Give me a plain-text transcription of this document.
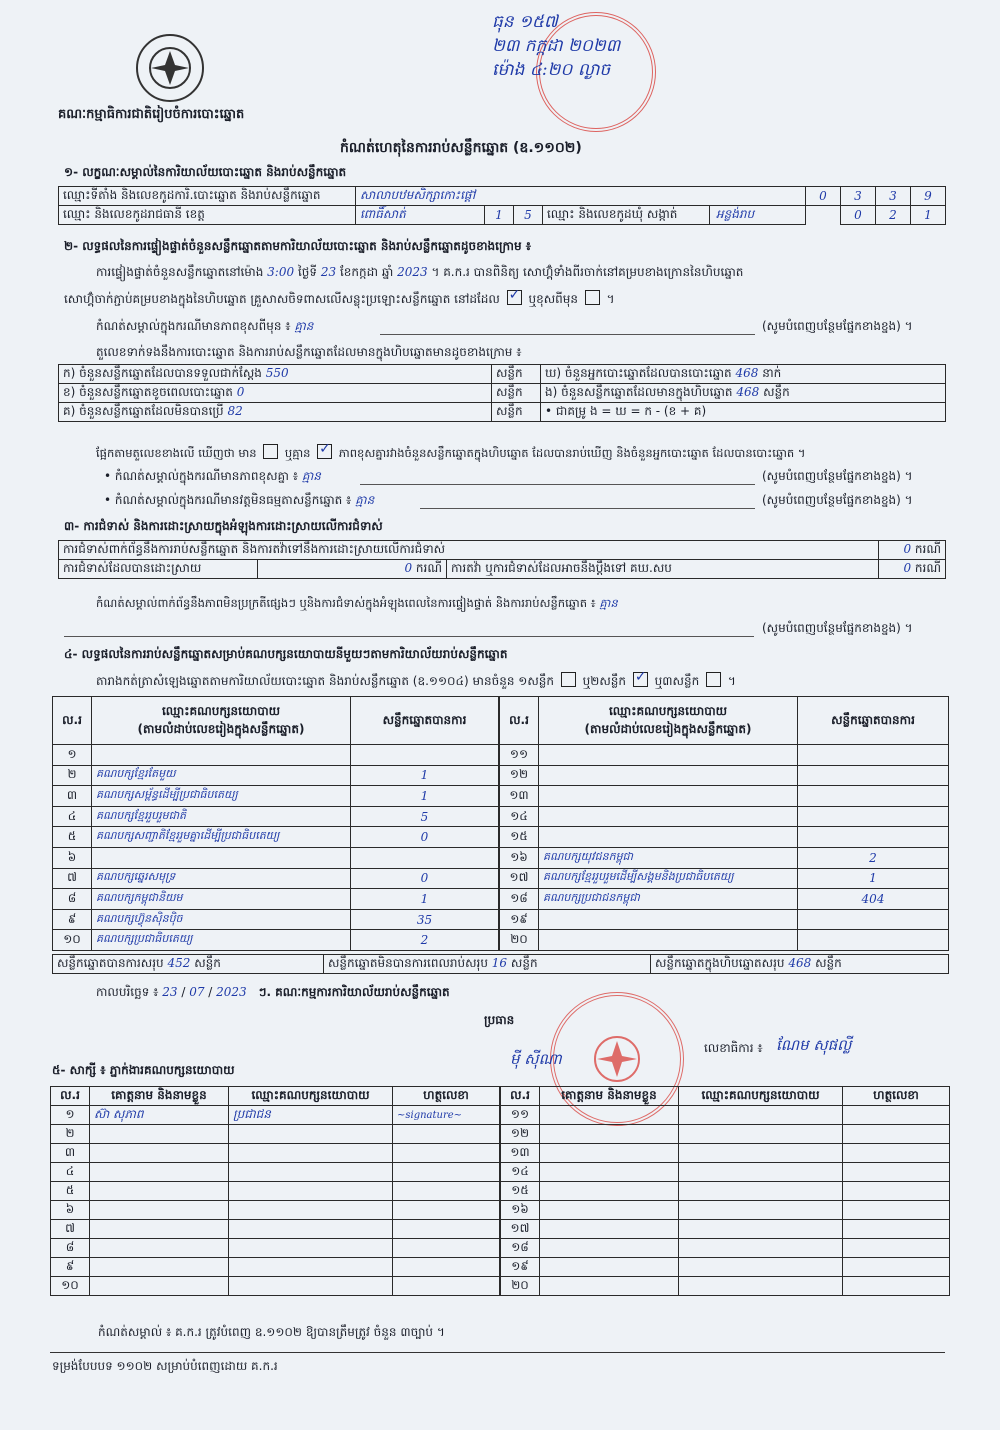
គណៈកម្មាធិការជាតិរៀបចំការបោះឆ្នោត
ធុន ១៥៧
២៣ កក្កដា ២០២៣
ម៉ោង ៤:២០ ល្ងាច
កំណត់ហេតុនៃការរាប់សន្លឹកឆ្នោត (ឧ.១១០២)
១- លក្ខណៈសម្គាល់នៃការិយាល័យបោះឆ្នោត និងរាប់សន្លឹកឆ្នោត
ឈ្មោះទីតាំង និងលេខកូដការិ.បោះឆ្នោត និងរាប់សន្លឹកឆ្នោត	សាលាបឋមសិក្សាកោះផ្ដៅ				0	3	3	9
ឈ្មោះ និងលេខកូដរាជធានី ខេត្ត	ពោធិ៍សាត់	1	5	ឈ្មោះ និងលេខកូដឃុំ សង្កាត់ អន្លង់រាប		0	2	1
២- លទ្ធផលនៃការផ្ទៀងផ្ទាត់ចំនួនសន្លឹកឆ្នោតតាមការិយាល័យបោះឆ្នោត និងរាប់សន្លឹកឆ្នោតដូចខាងក្រោម ៖
ការផ្ទៀងផ្ទាត់ចំនួនសន្លឹកឆ្នោតនៅម៉ោង 3:00 ថ្ងៃទី 23 ខែកក្កដា ឆ្នាំ 2023 ។ គ.ក.រ បានពិនិត្យ សោហ្គ៊ុំទាំងពីរចាក់នៅគម្របខាងក្រោននៃហិបឆ្នោត
សោហ្គ៊ុំចាក់ភ្ជាប់គម្របខាងក្នុងនៃហិបឆ្នោត គ្រួសាសចិទពាសលើសន្លុះប្រឡោះសន្លឹកឆ្នោត នៅដដែល ✓ ឬខុសពីមុន  ។
កំណត់សម្គាល់ក្នុងករណីមានភាពខុសពីមុន ៖ គ្មាន	(សូមបំពេញបន្ថែមផ្នែកខាងខ្នង) ។
តួលេខទាក់ទងនឹងការបោះឆ្នោត និងការរាប់សន្លឹកឆ្នោតដែលមានក្នុងហិបឆ្នោតមានដូចខាងក្រោម ៖
ក) ចំនួនសន្លឹកឆ្នោតដែលបានទទួលជាក់ស្ដែង 550	សន្លឹក	ឃ) ចំនួនអ្នកបោះឆ្នោតដែលបានបោះឆ្នោត 468 នាក់
ខ) ចំនួនសន្លឹកឆ្នោតខូចពេលបោះឆ្នោត 0	សន្លឹក	ង) ចំនួនសន្លឹកឆ្នោតដែលមានក្នុងហិបឆ្នោត 468 សន្លឹក
គ) ចំនួនសន្លឹកឆ្នោតដែលមិនបានប្រើ 82	សន្លឹក	• ជាគម្រូ ង = ឃ = ក - (ខ + គ)
ផ្អែកតាមតួលេខខាងលើ ឃើញថា មាន ឬគ្មាន ✓ ភាពខុសគ្នារវាងចំនួនសន្លឹកឆ្នោតក្នុងហិបឆ្នោត ដែលបានរាប់ឃើញ និងចំនួនអ្នកបោះឆ្នោត ដែលបានបោះឆ្នោត ។
• កំណត់សម្គាល់ក្នុងករណីមានភាពខុសគ្នា ៖ គ្មាន	(សូមបំពេញបន្ថែមផ្នែកខាងខ្នង) ។
• កំណត់សម្គាល់ក្នុងករណីមានវត្តមិនធម្មតាសន្លឹកឆ្នោត ៖ គ្មាន	(សូមបំពេញបន្ថែមផ្នែកខាងខ្នង) ។
៣- ការជំទាស់ និងការដោះស្រាយក្នុងអំឡុងការដោះស្រាយលើការជំទាស់
ការជំទាស់ពាក់ព័ន្ធនឹងការរាប់សន្លឹកឆ្នោត និងការតវ៉ាទៅនឹងការដោះស្រាយលើការជំទាស់			0 ករណី
ការជំទាស់ដែលបានដោះស្រាយ	0 ករណី	ការតវ៉ា ឬការជំទាស់ដែលអាចនឹងប្ដឹងទៅ គឃ.សប	0 ករណី
កំណត់សម្គាល់ពាក់ព័ន្ធនឹងភាពមិនប្រក្រតីផ្សេងៗ ឬនិងការជំទាស់ក្នុងអំឡុងពេលនៃការផ្ទៀងផ្ទាត់ និងការរាប់សន្លឹកឆ្នោត ៖ គ្មាន
(សូមបំពេញបន្ថែមផ្នែកខាងខ្នង) ។
៤- លទ្ធផលនៃការរាប់សន្លឹកឆ្នោតសម្រាប់គណបក្សនយោបាយនីមួយៗតាមការិយាល័យរាប់សន្លឹកឆ្នោត
តារាងកត់ត្រាសំឡេងឆ្នោតតាមការិយាល័យបោះឆ្នោត និងរាប់សន្លឹកឆ្នោត (ឧ.១១០៤) មានចំនួន ១សន្លឹក ឬ២សន្លឹក ✓ ឬ៣សន្លឹក  ។
ល.រ	ឈ្មោះគណបក្សនយោបាយ
(តាមលំដាប់លេខរៀងក្នុងសន្លឹកឆ្នោត)	សន្លឹកឆ្នោតបានការ
១		
២	គណបក្សខ្មែរតែមួយ	1
៣	គណបក្សសម្ព័ន្ធដើម្បីប្រជាធិបតេយ្យ	1
៤	គណបក្សខ្មែររួបរួមជាតិ	5
៥	គណបក្សសញ្ជាតិខ្មែររួមគ្នាដើម្បីប្រជាធិបតេយ្យ	0
៦		
៧	គណបក្សឆ្នេរសមុទ្រ	0
៨	គណបក្សកម្ពុជានិយម	1
៩	គណបក្សហ៊្វុនស៊ិនប៉ិច	35
១០	គណបក្សប្រជាធិបតេយ្យ	2
ល.រ	ឈ្មោះគណបក្សនយោបាយ
(តាមលំដាប់លេខរៀងក្នុងសន្លឹកឆ្នោត)	សន្លឹកឆ្នោតបានការ
១១		
១២		
១៣		
១៤		
១៥		
១៦	គណបក្សយុវជនកម្ពុជា	2
១៧	គណបក្សខ្មែររួបរួមដើម្បីសង្គមនិងប្រជាធិបតេយ្យ	1
១៨	គណបក្សប្រជាជនកម្ពុជា	404
១៩		
២០		
សន្លឹកឆ្នោតបានការសរុប 452 សន្លឹក	សន្លឹកឆ្នោតមិនបានការពេលរាប់សរុប 16 សន្លឹក	សន្លឹកឆ្នោតក្នុងហិបឆ្នោតសរុប 468 សន្លឹក
កាលបរិច្ឆេទ ៖ 23 / 07 / 2023 ៗ. គណៈកម្មការការិយាល័យរាប់សន្លឹកឆ្នោត
ប្រធាន
ម៉ី ស៊ីណា
លេខាធិការ ៖ ណែម សុផល្លី
៥- សាក្សី ៖ ភ្នាក់ងារគណបក្សនយោបាយ
ល.រ	គោត្តនាម និងនាមខ្លួន	ឈ្មោះគណបក្សនយោបាយ	ហត្ថលេខា
១	ស៊ា សុភាព	ប្រជាជន	~signature~
២			
៣			
៤			
៥			
៦			
៧			
៨			
៩			
១០			
ល.រ	គោត្តនាម និងនាមខ្លួន	ឈ្មោះគណបក្សនយោបាយ	ហត្ថលេខា
១១			
១២			
១៣			
១៤			
១៥			
១៦			
១៧			
១៨			
១៩			
២០			
កំណត់សម្គាល់ ៖ គ.ក.រ ត្រូវបំពេញ ឧ.១១០២ ឱ្យបានត្រឹមត្រូវ ចំនួន ៣ច្បាប់ ។
ទម្រង់បែបបទ ១១០២ សម្រាប់បំពេញដោយ គ.ក.រ
